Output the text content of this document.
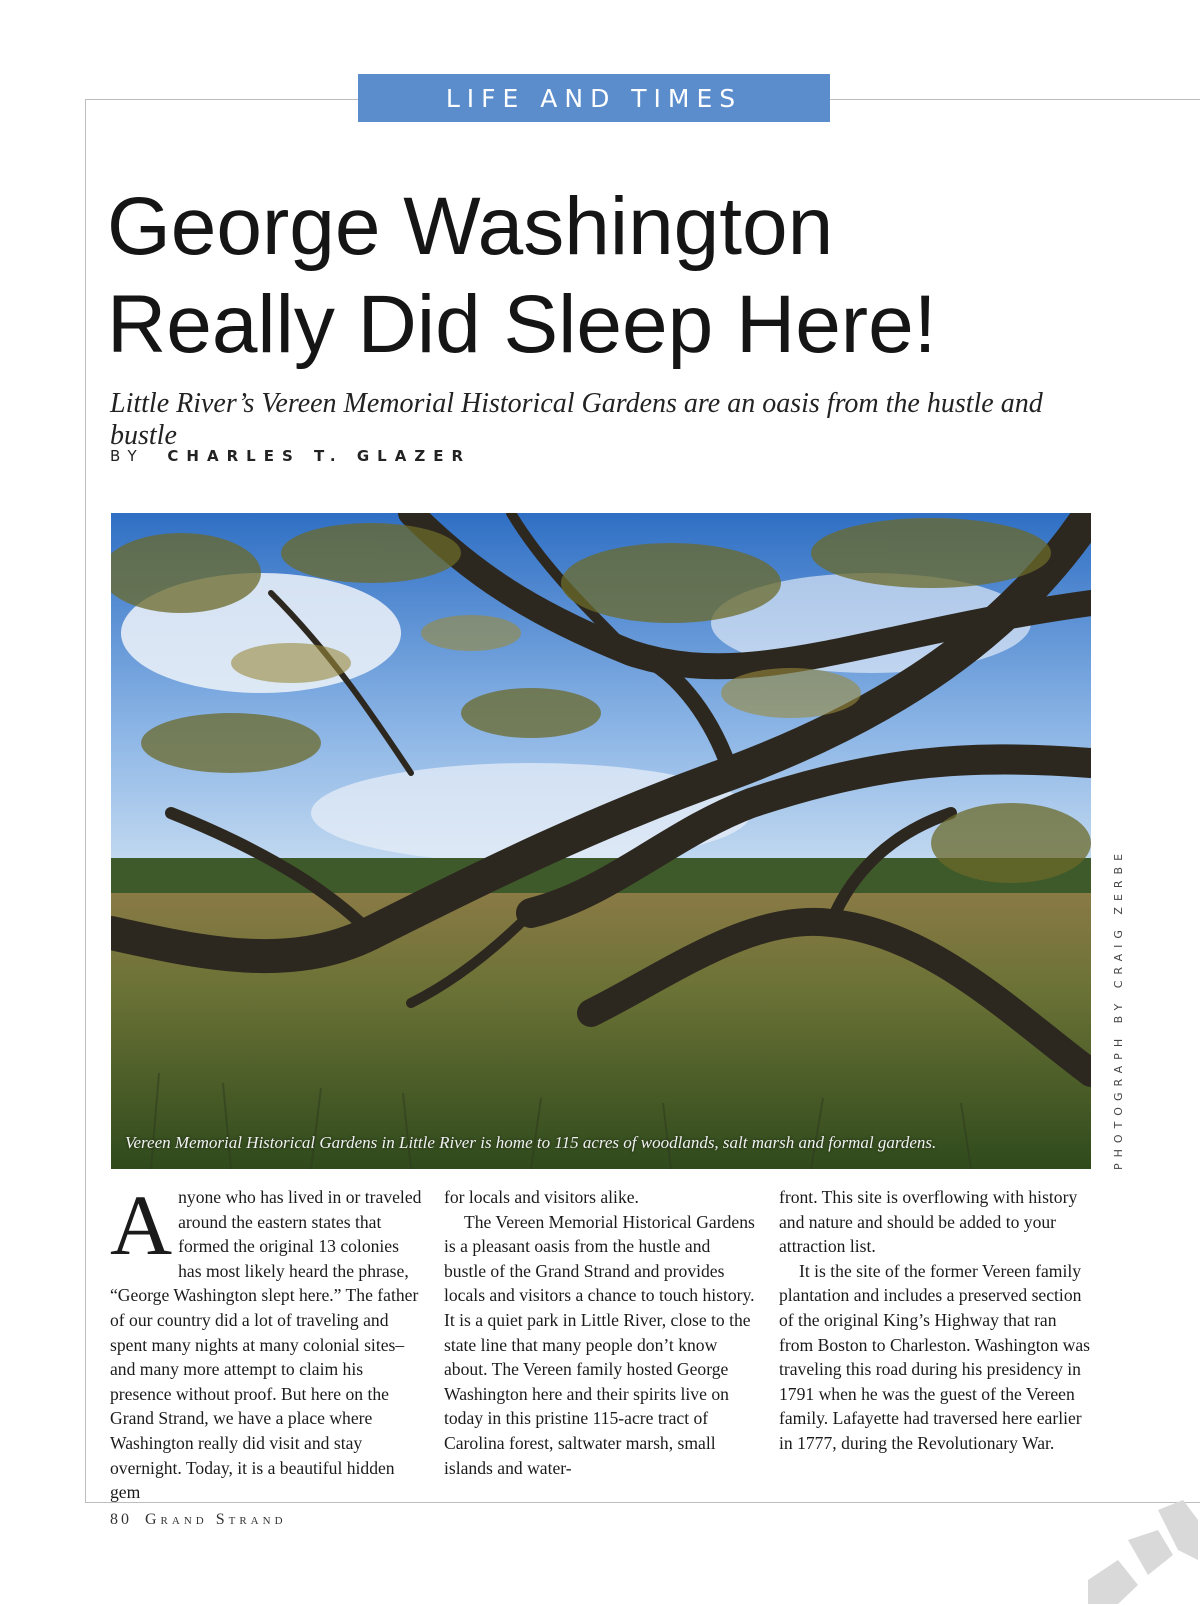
LIFE AND TIMES
George Washington
Really Did Sleep Here!
Little River’s Vereen Memorial Historical Gardens are an oasis from the hustle and bustle
BY CHARLES T. GLAZER
Vereen Memorial Historical Gardens in Little River is home to 115 acres of woodlands, salt marsh and formal gardens.	PHOTOGRAPH BY CRAIG ZERBE

Anyone who has lived in or traveled around the eastern states that formed the original 13 colonies has most likely heard the phrase, “George Washington slept here.” The father of our country did a lot of traveling and spent many nights at many colonial sites–and many more attempt to claim his presence without proof. But here on the Grand Strand, we have a place where Washington really did visit and stay overnight. Today, it is a beautiful hidden gem

for locals and visitors alike.

The Vereen Memorial Historical Gardens is a pleasant oasis from the hustle and bustle of the Grand Strand and provides locals and visitors a chance to touch history. It is a quiet park in Little River, close to the state line that many people don’t know about. The Vereen family hosted George Washington here and their spirits live on today in this pristine 115-acre tract of Carolina forest, saltwater marsh, small islands and water-

front. This site is overflowing with history and nature and should be added to your attraction list.

It is the site of the former Vereen family plantation and includes a preserved section of the original King’s Highway that ran from Boston to Charleston. Washington was traveling this road during his presidency in 1791 when he was the guest of the Vereen family. Lafayette had traversed here earlier in 1777, during the Revolutionary War.

80 Grand Strand
